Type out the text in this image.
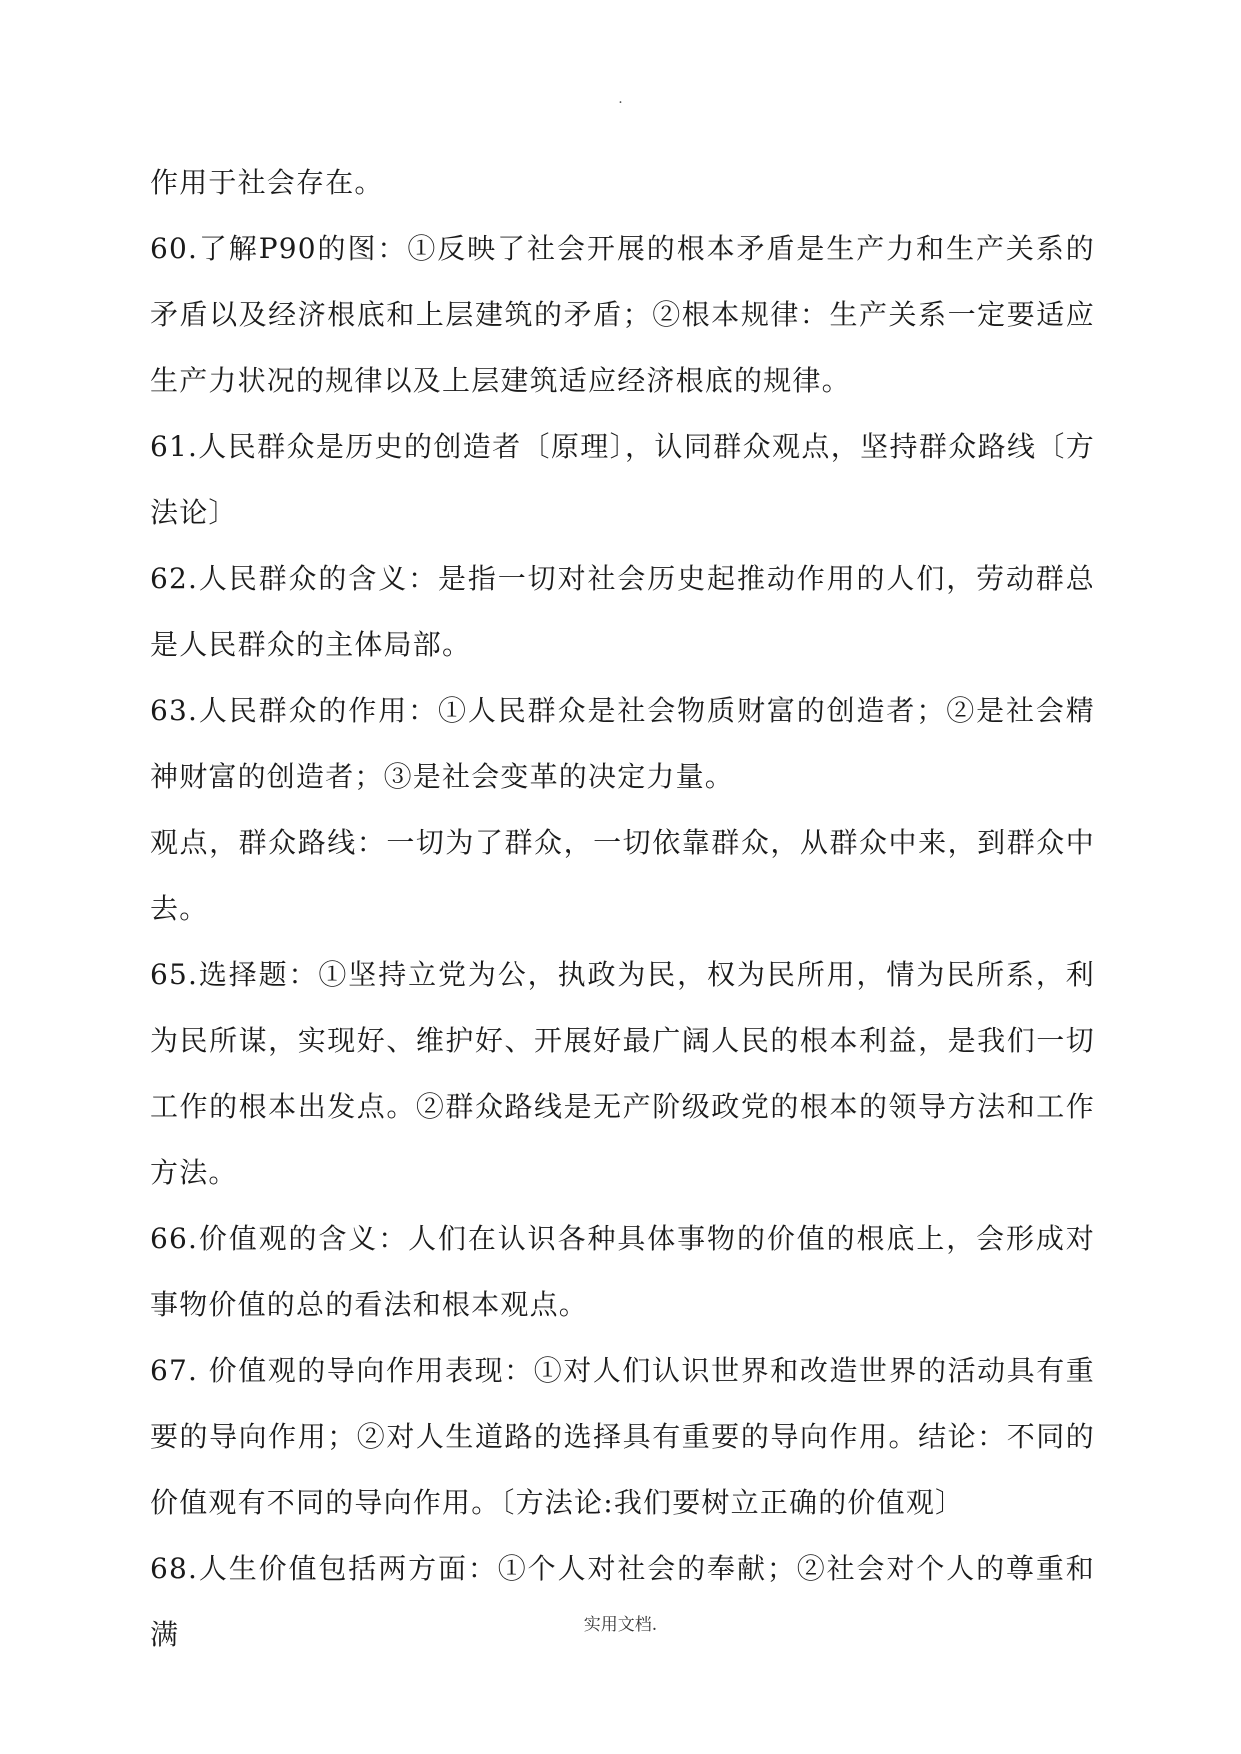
.

作用于社会存在。

60.了解P90的图：①反映了社会开展的根本矛盾是生产力和生产关系的矛盾以及经济根底和上层建筑的矛盾；②根本规律：生产关系一定要适应生产力状况的规律以及上层建筑适应经济根底的规律。

61.人民群众是历史的创造者〔原理〕，认同群众观点，坚持群众路线〔方法论〕

62.人民群众的含义：是指一切对社会历史起推动作用的人们，劳动群总是人民群众的主体局部。

63.人民群众的作用：①人民群众是社会物质财富的创造者；②是社会精神财富的创造者；③是社会变革的决定力量。

观点，群众路线：一切为了群众，一切依靠群众，从群众中来，到群众中去。

65.选择题：①坚持立党为公，执政为民，权为民所用，情为民所系，利为民所谋，实现好、维护好、开展好最广阔人民的根本利益，是我们一切工作的根本出发点。②群众路线是无产阶级政党的根本的领导方法和工作方法。

66.价值观的含义：人们在认识各种具体事物的价值的根底上，会形成对事物价值的总的看法和根本观点。

67. 价值观的导向作用表现：①对人们认识世界和改造世界的活动具有重要的导向作用；②对人生道路的选择具有重要的导向作用。结论：不同的价值观有不同的导向作用。〔方法论:我们要树立正确的价值观〕

68.人生价值包括两方面：①个人对社会的奉献；②社会对个人的尊重和满	实用文档.
